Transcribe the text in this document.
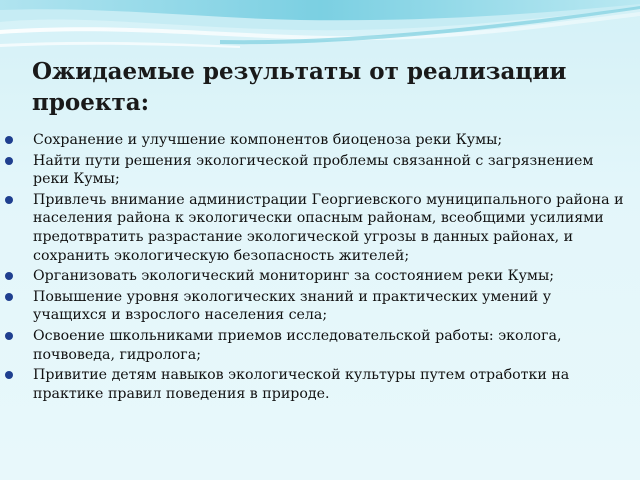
Ожидаемые результаты от реализации проекта:
Сохранение и улучшение компонентов биоценоза реки Кумы;
Найти пути решения экологической проблемы связанной с загрязнением реки Кумы;
Привлечь внимание администрации Георгиевского муниципального района и населения района к экологически опасным районам, всеобщими усилиями предотвратить разрастание экологической угрозы в данных районах, и сохранить экологическую безопасность жителей;
Организовать экологический мониторинг за состоянием реки Кумы;
Повышение уровня экологических знаний и практических умений у учащихся и взрослого населения села;
Освоение школьниками приемов исследовательской работы: эколога, почвоведа, гидролога;
Привитие детям навыков экологической культуры путем отработки на практике правил поведения в природе.
